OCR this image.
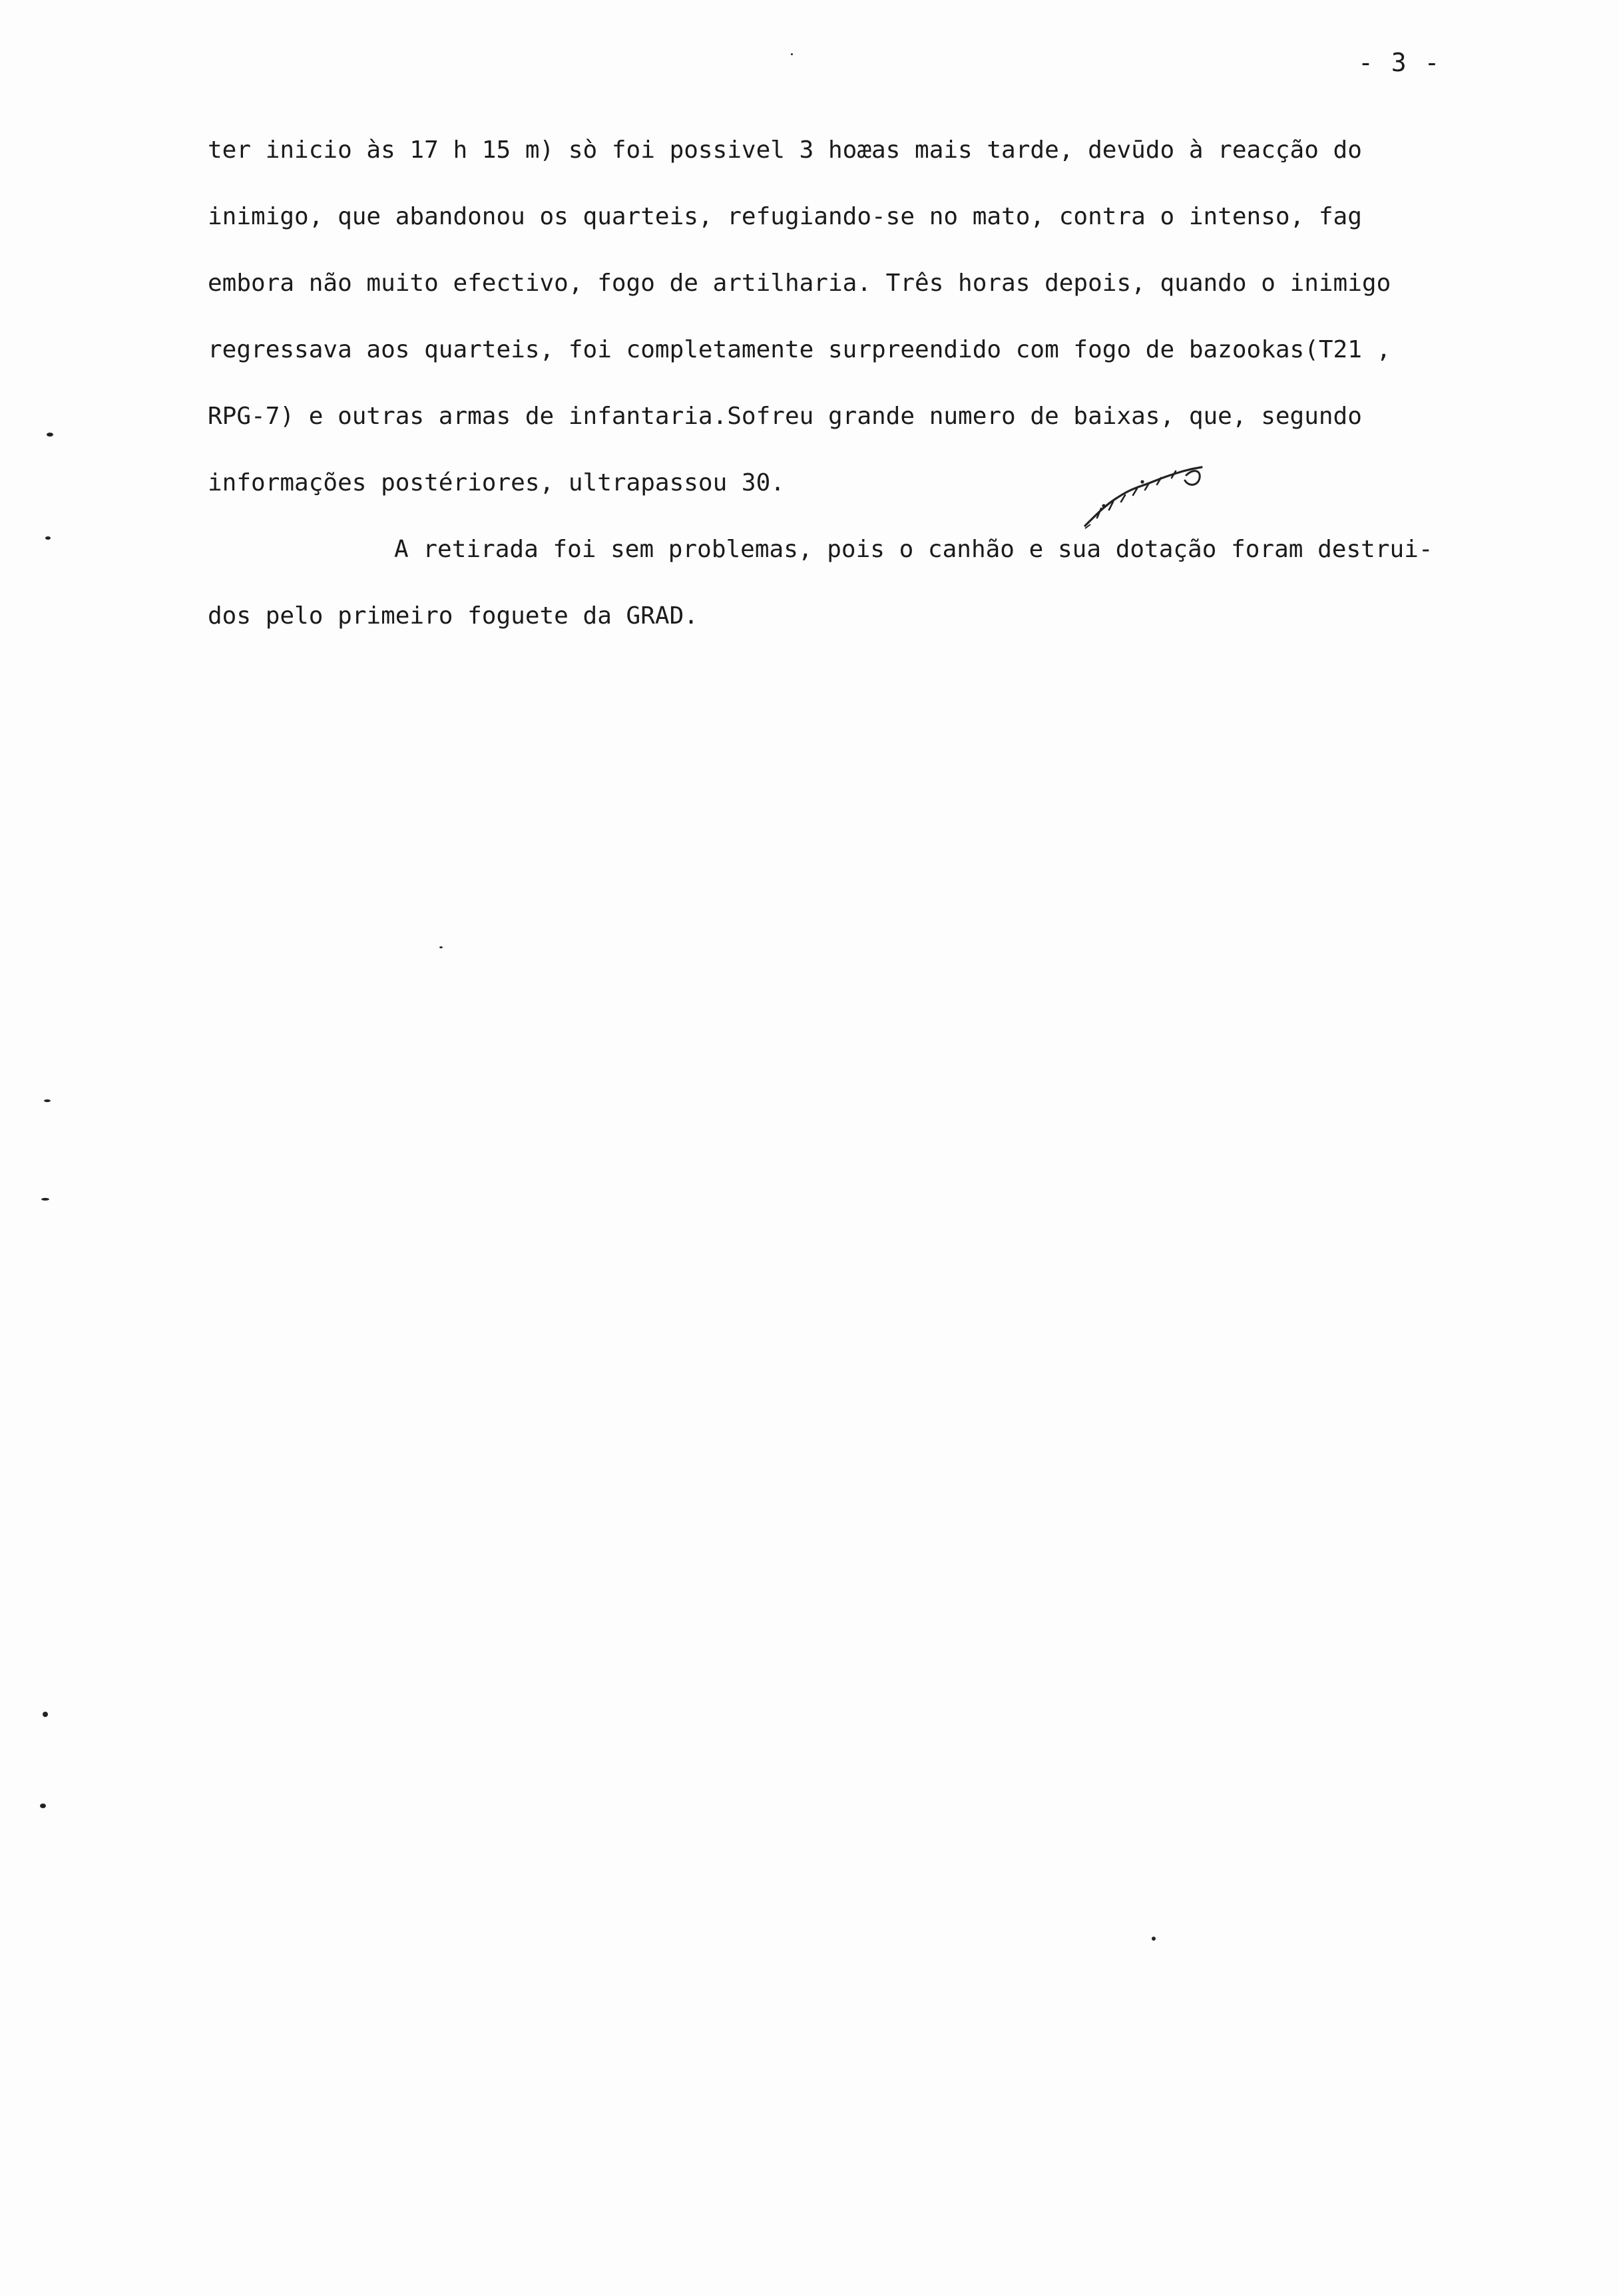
- 3 -
ter inicio às 17 h 15 m) sò foi possivel 3 hoæas mais tarde, devūdo à reacção do
inimigo, que abandonou os quarteis, refugiando-se no mato, contra o intenso, fag
embora não muito efectivo, fogo de artilharia. Três horas depois, quando o inimigo
regressava aos quarteis, foi completamente surpreendido com fogo de bazookas(T21 ,
RPG-7) e outras armas de infantaria.Sofreu grande numero de baixas, que, segundo
informações postériores, ultrapassou 30.
A retirada foi sem problemas, pois o canhão e sua dotação foram destrui-
dos pelo primeiro foguete da GRAD.
